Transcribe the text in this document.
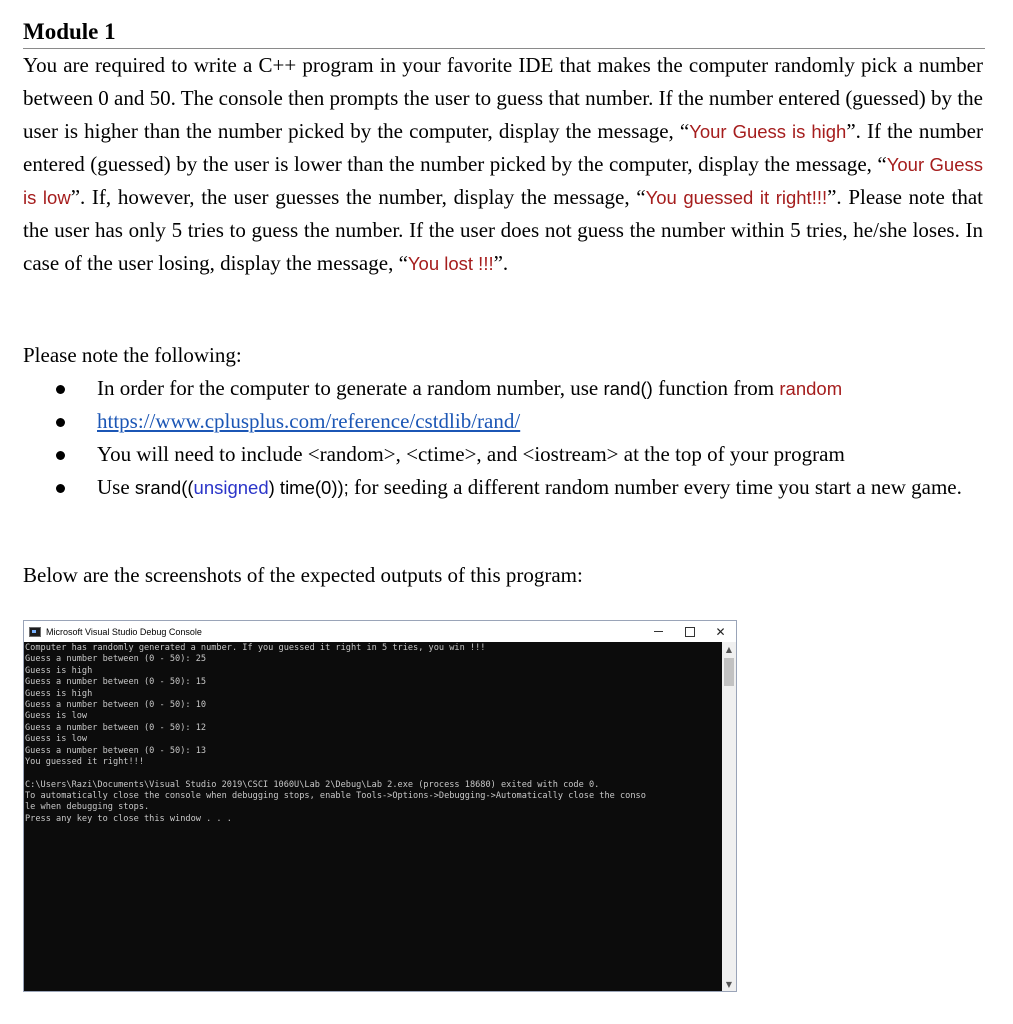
Module 1
You are required to write a C++ program in your favorite IDE that makes the computer randomly pick a number between 0 and 50. The console then prompts the user to guess that number. If the number entered (guessed) by the user is higher than the number picked by the computer, display the message, “Your Guess is high”. If the number entered (guessed) by the user is lower than the number picked by the computer, display the message, “Your Guess is low”. If, however, the user guesses the number, display the message, “You guessed it right!!!”. Please note that the user has only 5 tries to guess the number. If the user does not guess the number within 5 tries, he/she loses. In case of the user losing, display the message, “You lost !!!”.
Please note the following:
In order for the computer to generate a random number, use rand() function from random
https://www.cplusplus.com/reference/cstdlib/rand/
You will need to include <random>, <ctime>, and <iostream> at the top of your program
Use srand((unsigned) time(0)); for seeding a different random number every time you start a new game.
Below are the screenshots of the expected outputs of this program:
Microsoft Visual Studio Debug Console	✕
Computer has randomly generated a number. If you guessed it right in 5 tries, you win !!!
Guess a number between (0 - 50): 25
Guess is high
Guess a number between (0 - 50): 15
Guess is high
Guess a number between (0 - 50): 10
Guess is low
Guess a number between (0 - 50): 12
Guess is low
Guess a number between (0 - 50): 13
You guessed it right!!!
C:\Users\Razi\Documents\Visual Studio 2019\CSCI 1060U\Lab 2\Debug\Lab 2.exe (process 18680) exited with code 0.
To automatically close the console when debugging stops, enable Tools->Options->Debugging->Automatically close the conso
le when debugging stops.
Press any key to close this window . . .
▲
▼
